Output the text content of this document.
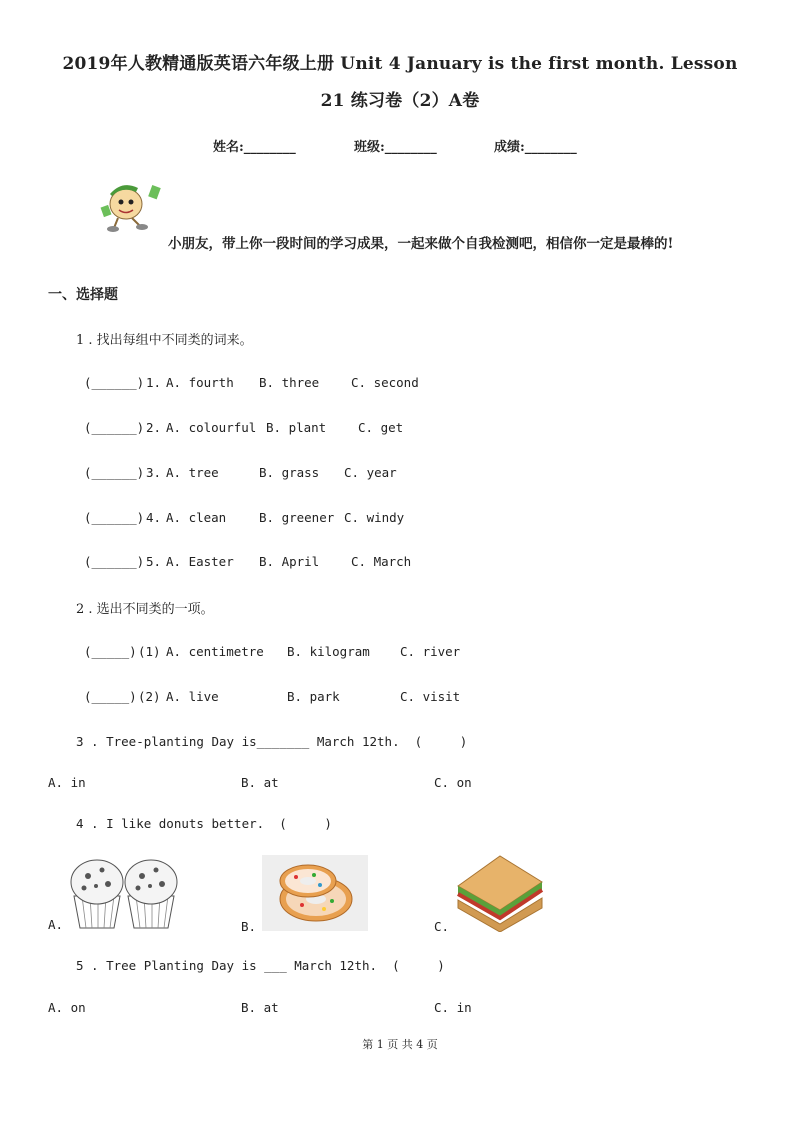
2019年人教精通版英语六年级上册 Unit 4 January is the first month. Lesson
21 练习卷（2）A卷
姓名:________	班级:________	成绩:________
小朋友，带上你一段时间的学习成果，一起来做个自我检测吧，相信你一定是最棒的!
一、选择题
1 . 找出每组中不同类的词来。
(______) 1. A. fourth B. three	C. second
(______) 2. A. colourful B. plant	C. get
(______) 3. A. tree	B. grass C. year
(______) 4. A. clean	B. greener C. windy
(______) 5. A. Easter B. April	C. March
2 . 选出不同类的一项。
(_____) (1) A. centimetre B. kilogram C. river
(_____) (2) A. live	B. park	C. visit
3 . Tree-planting Day is_______ March 12th.  (     )
A. in	B. at	C. on
4 . I like donuts better.  (     )
A.	B.	C.
5 . Tree Planting Day is ___ March 12th.  (     )
A. on	B. at	C. in
第 1 页 共 4 页
